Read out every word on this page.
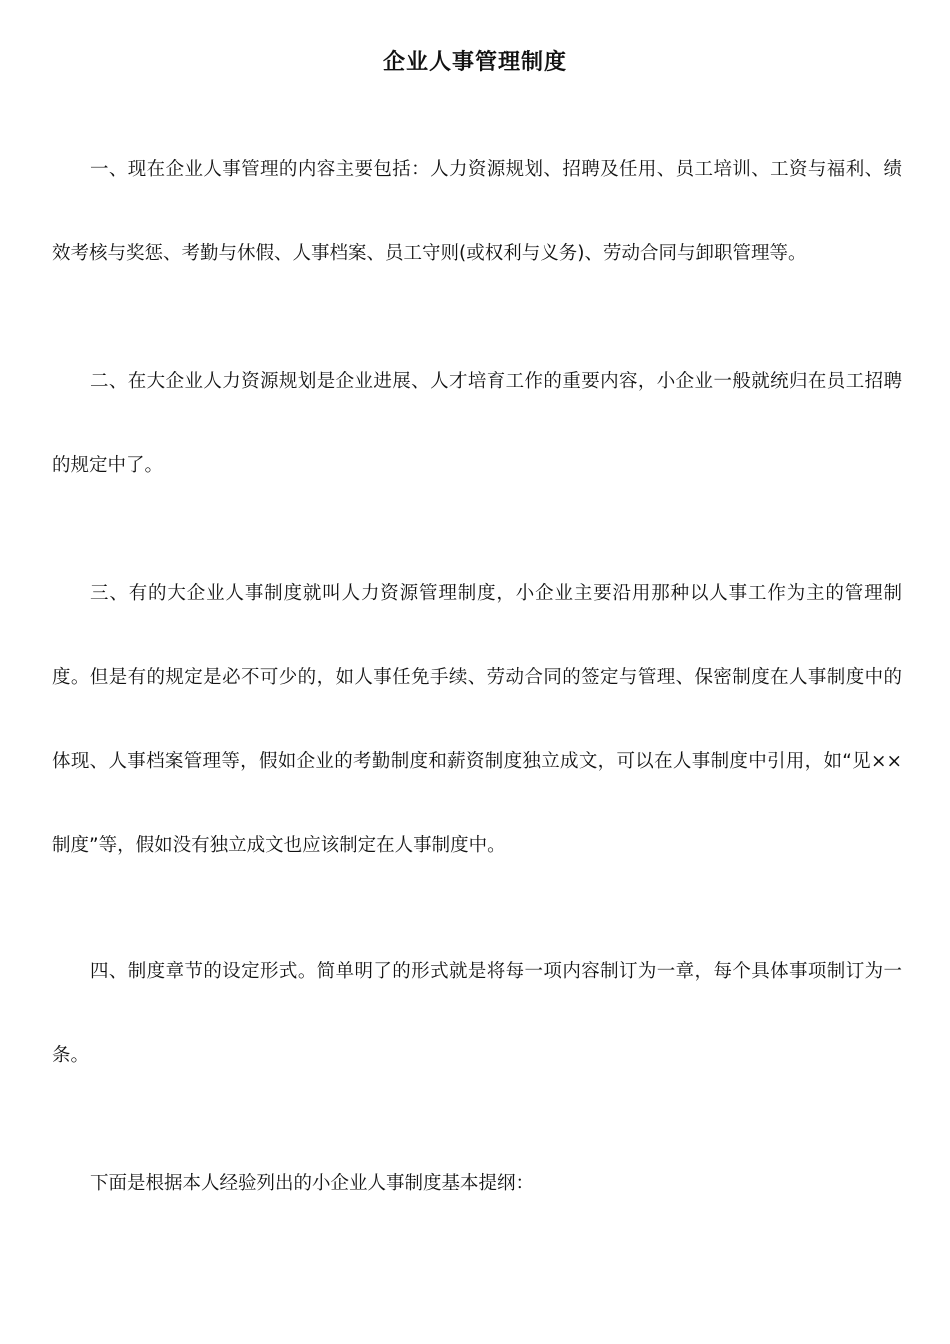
企业人事管理制度

一、现在企业人事管理的内容主要包括：人力资源规划、招聘及任用、员工培训、工资与福利、绩效考核与奖惩、考勤与休假、人事档案、员工守则(或权利与义务)、劳动合同与卸职管理等。

二、在大企业人力资源规划是企业进展、人才培育工作的重要内容，小企业一般就统归在员工招聘的规定中了。

三、有的大企业人事制度就叫人力资源管理制度，小企业主要沿用那种以人事工作为主的管理制度。但是有的规定是必不可少的，如人事任免手续、劳动合同的签定与管理、保密制度在人事制度中的体现、人事档案管理等，假如企业的考勤制度和薪资制度独立成文，可以在人事制度中引用，如“见××制度”等，假如没有独立成文也应该制定在人事制度中。

四、制度章节的设定形式。简单明了的形式就是将每一项内容制订为一章，每个具体事项制订为一条。

下面是根据本人经验列出的小企业人事制度基本提纲：
